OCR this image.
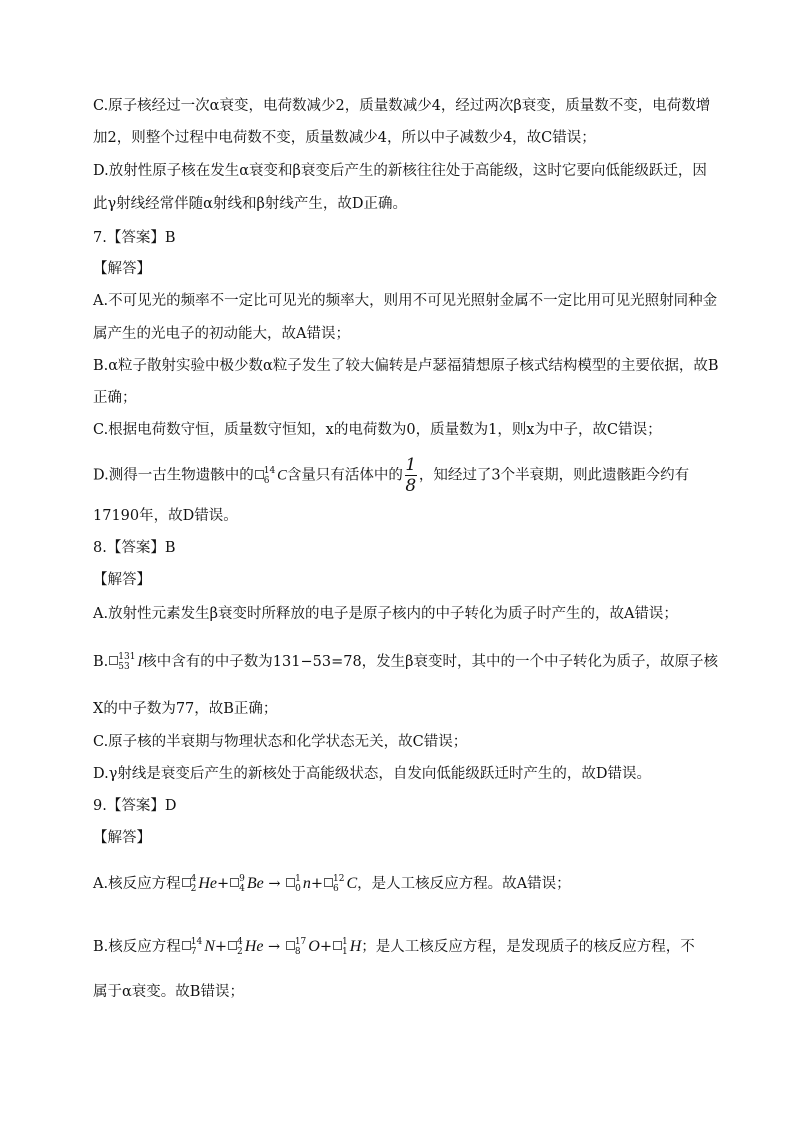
C.原子核经过一次α衰变，电荷数减少2，质量数减少4，经过两次β衰变，质量数不变，电荷数增
加2，则整个过程中电荷数不变，质量数减少4，所以中子减数少4，故C错误；
D.放射性原子核在发生α衰变和β衰变后产生的新核往往处于高能级，这时它要向低能级跃迁，因
此γ射线经常伴随α射线和β射线产生，故D正确。
7.【答案】B
【解答】
A.不可见光的频率不一定比可见光的频率大，则用不可见光照射金属不一定比用可见光照射同种金
属产生的光电子的初动能大，故A错误；
B.α粒子散射实验中极少数α粒子发生了较大偏转是卢瑟福猜想原子核式结构模型的主要依据，故B
正确；
C.根据电荷数守恒，质量数守恒知，x的电荷数为0，质量数为1，则x为中子，故C错误；
D.测得一古生物遗骸中的 14
6 C含量只有活体中的 $\frac{1}{8}$ ，知经过了3个半衰期，则此遗骸距今约有
17190年，故D错误。
8.【答案】B
【解答】
A.放射性元素发生β衰变时所释放的电子是原子核内的中子转化为质子时产生的，故A错误；
B. 131
53 I核中含有的中子数为131−53=78，发生β衰变时，其中的一个中子转化为质子，故原子核
X的中子数为77，故B正确；
C.原子核的半衰期与物理状态和化学状态无关，故C错误；
D.γ射线是衰变后产生的新核处于高能级状态，自发向低能级跃迁时产生的，故D错误。
9.【答案】D
【解答】
A.核反应方程 4
2 He+ 9
4 Be → 1
0 n+ 12
6 C，是人工核反应方程。故A错误；
B.核反应方程 14
7 N+ 4
2 He → 17
8 O+ 1
1 H；是人工核反应方程，是发现质子的核反应方程，不
属于α衰变。故B错误；
